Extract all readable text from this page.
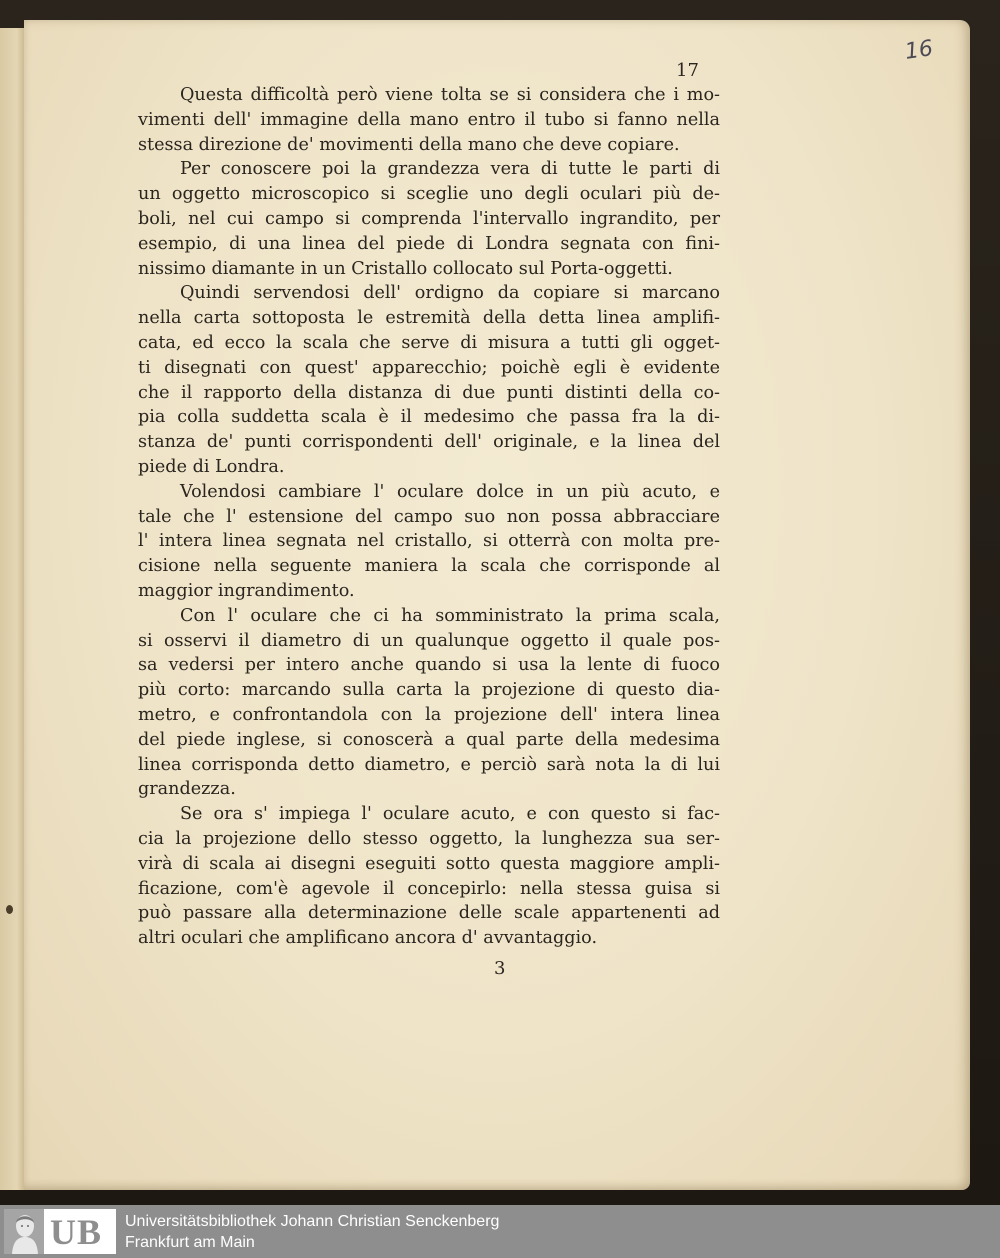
17
16
Questa difficoltà però viene tolta se si considera che i mo-
vimenti dell' immagine della mano entro il tubo si fanno nella
stessa direzione de' movimenti della mano che deve copiare.
Per conoscere poi la grandezza vera di tutte le parti di
un oggetto microscopico si sceglie uno degli oculari più de-
boli, nel cui campo si comprenda l'intervallo ingrandito, per
esempio, di una linea del piede di Londra segnata con fini-
nissimo diamante in un Cristallo collocato sul Porta-oggetti.
Quindi servendosi dell' ordigno da copiare si marcano
nella carta sottoposta le estremità della detta linea amplifi-
cata, ed ecco la scala che serve di misura a tutti gli ogget-
ti disegnati con quest' apparecchio; poichè egli è evidente
che il rapporto della distanza di due punti distinti della co-
pia colla suddetta scala è il medesimo che passa fra la di-
stanza de' punti corrispondenti dell' originale, e la linea del
piede di Londra.
Volendosi cambiare l' oculare dolce in un più acuto, e
tale che l' estensione del campo suo non possa abbracciare
l' intera linea segnata nel cristallo, si otterrà con molta pre-
cisione nella seguente maniera la scala che corrisponde al
maggior ingrandimento.
Con l' oculare che ci ha somministrato la prima scala,
si osservi il diametro di un qualunque oggetto il quale pos-
sa vedersi per intero anche quando si usa la lente di fuoco
più corto: marcando sulla carta la projezione di questo dia-
metro, e confrontandola con la projezione dell' intera linea
del piede inglese, si conoscerà a qual parte della medesima
linea corrisponda detto diametro, e perciò sarà nota la di lui
grandezza.
Se ora s' impiega l' oculare acuto, e con questo si fac-
cia la projezione dello stesso oggetto, la lunghezza sua ser-
virà di scala ai disegni eseguiti sotto questa maggiore ampli-
ficazione, com'è agevole il concepirlo: nella stessa guisa si
può passare alla determinazione delle scale appartenenti ad
altri oculari che amplificano ancora d' avvantaggio.
3
UB Universitätsbibliothek Johann Christian Senckenberg
Frankfurt am Main
